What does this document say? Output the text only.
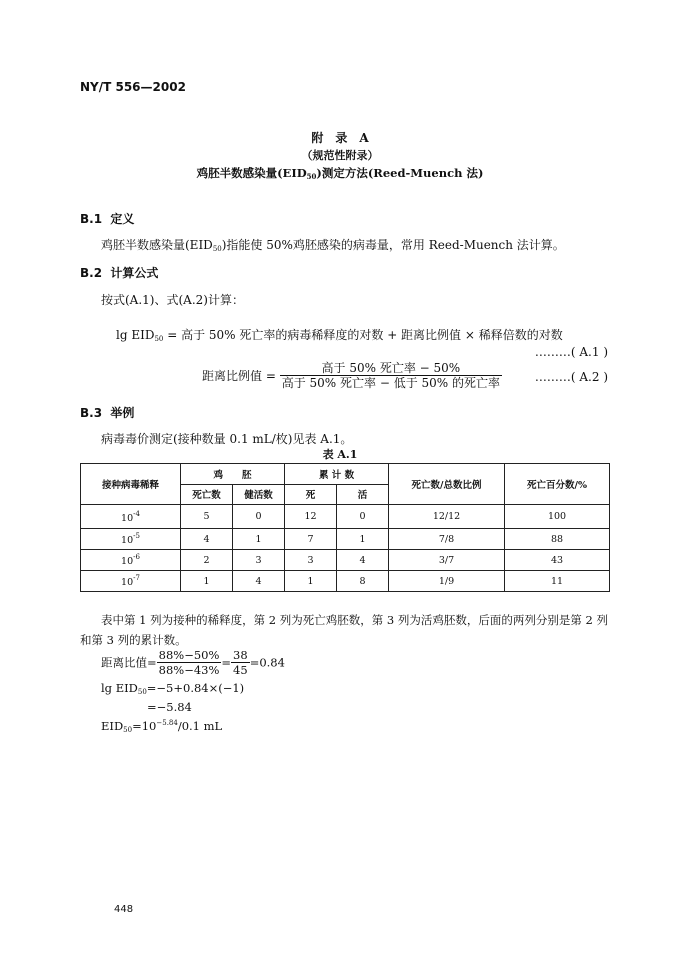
NY/T 556—2002
附　录　A
（规范性附录）
鸡胚半数感染量$(EID_{50})$测定方法(Reed-Muench 法)
B.1 定义
鸡胚半数感染量$(EID_{50})$指能使 50%鸡胚感染的病毒量，常用 Reed-Muench 法计算。
B.2 计算公式
按式(A.1)、式(A.2)计算：
$\lg EID_{50}$ = 高于 50% 死亡率的病毒稀释度的对数 + 距离比例值 × 稀释倍数的对数
………( A.1 )
距离比例值 = $\frac{\text{高于 50\% 死亡率 − 50\%}}{\text{高于 50\% 死亡率 − 低于 50\% 的死亡率}}$	………( A.2 )
B.3 举例
病毒毒价测定(接种数量 0.1 mL/枚)见表 A.1。
表 A.1
接种病毒稀释	鸡　　胚		累 计 数		死亡数/总数比例	死亡百分数/%
	死亡数	健活数	死	活		
$10^{-4}$	5	0	12	0	12/12	100
$10^{-5}$	4	1	7	1	7/8	88
$10^{-6}$	2	3	3	4	3/7	43
$10^{-7}$	1	4	1	8	1/9	11
表中第 1 列为接种的稀释度，第 2 列为死亡鸡胚数，第 3 列为活鸡胚数，后面的两列分别是第 2 列
和第 3 列的累计数。
距离比值= $\frac{88\%-50\%}{88\%-43\%} = \frac{38}{45} =0.84$
$\lg EID_{50}=-5+0.84\times(-1)$
=−5.84
$EID_{50}=10^{-5.84}/0.1$ mL
448
